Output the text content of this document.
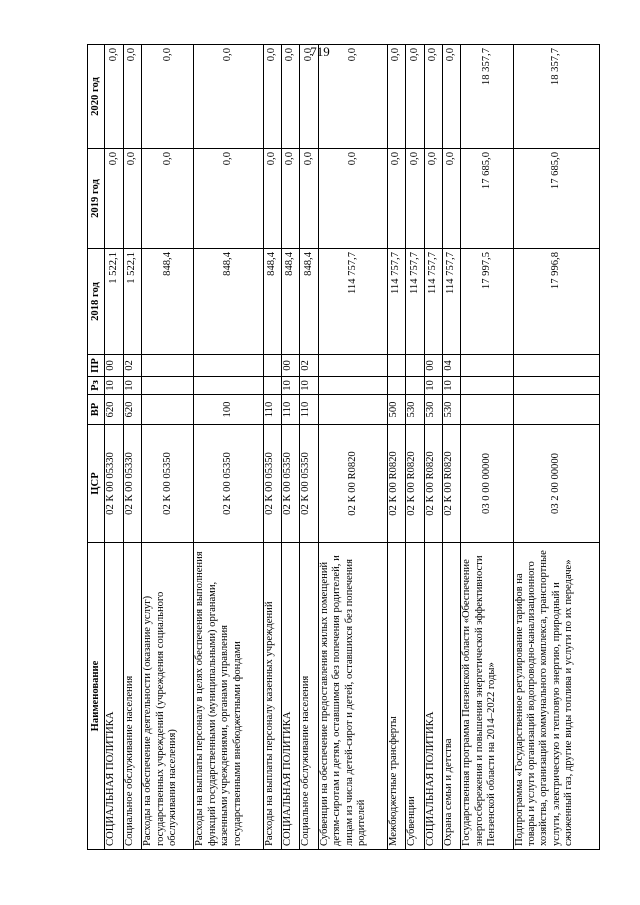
719
Наименование	ЦСР	ВР	Рз	ПР	2018 год	2019 год	2020 год
СОЦИАЛЬНАЯ ПОЛИТИКА	02 К 00 05330	620	10	00	1 522,1	0,0	0,0
Социальное обслуживание населения	02 К 00 05330	620	10	02	1 522,1	0,0	0,0
Расходы на обеспечение деятельности (оказание услуг) государственных учреждений (учреждения социального обслуживания населения)	02 К 00 05350				848,4	0,0	0,0
Расходы на выплаты персоналу в целях обеспечения выполнения функций государственными (муниципальными) органами, казенными учреждениями, органами управления государственными внебюджетными фондами	02 К 00 05350	100			848,4	0,0	0,0
Расходы на выплаты персоналу казенных учреждений	02 К 00 05350	110			848,4	0,0	0,0
СОЦИАЛЬНАЯ ПОЛИТИКА	02 К 00 05350	110	10	00	848,4	0,0	0,0
Социальное обслуживание населения	02 К 00 05350	110	10	02	848,4	0,0	0,0
Субвенции на обеспечение предоставления жилых помещений детям-сиротам и детям, оставшимся без попечения родителей, и лицам из числа детей-сирот и детей, оставшихся без попечения родителей	02 К 00 R0820				114 757,7	0,0	0,0
Межбюджетные трансферты	02 К 00 R0820	500			114 757,7	0,0	0,0
Субвенции	02 К 00 R0820	530			114 757,7	0,0	0,0
СОЦИАЛЬНАЯ ПОЛИТИКА	02 К 00 R0820	530	10	00	114 757,7	0,0	0,0
Охрана семьи и детства	02 К 00 R0820	530	10	04	114 757,7	0,0	0,0
Государственная программа Пензенской области «Обеспечение энергосбережения и повышения энергетической эффективности Пензенской области на 2014–2022 годы»	03 0 00 00000				17 997,5	17 685,0	18 357,7
Подпрограмма «Государственное регулирование тарифов на товары и услуги организаций водопроводно-канализационного хозяйства, организаций коммунального комплекса, транспортные услуги, электрическую и тепловую энергию, природный и сжиженный газ, другие виды топлива и услуги по их передаче»	03 2 00 00000				17 996,8	17 685,0	18 357,7
